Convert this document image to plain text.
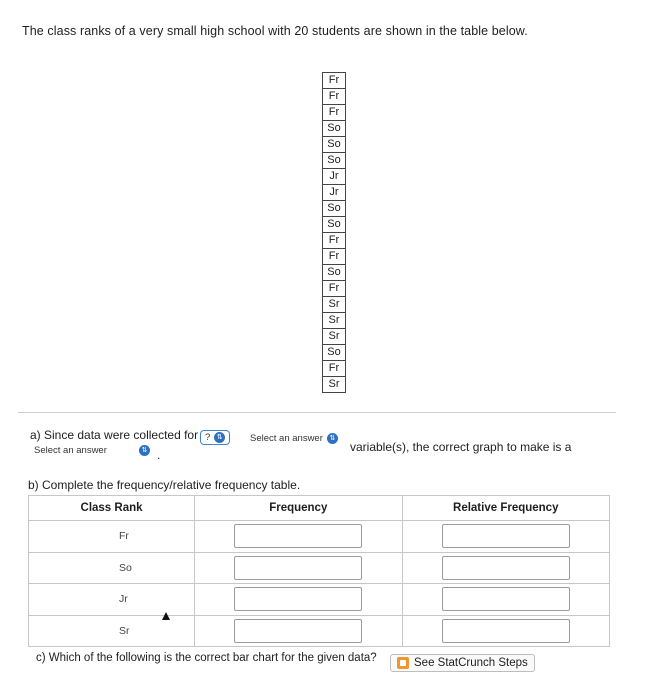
The class ranks of a very small high school with 20 students are shown in the table below.
Fr
Fr
Fr
So
So
So
Jr
Jr
So
So
Fr
Fr
So
Fr
Sr
Sr
Sr
So
Fr
Sr
a) Since data were collected for ? ⇅	Select an answer ⇅
variable(s), the correct graph to make is a
Select an answer	⇅ .
b) Complete the frequency/relative frequency table.
Class Rank	Frequency	Relative Frequency
Fr	

So	

Jr	

Sr	

c) Which of the following is the correct bar chart for the given data?	See StatCrunch Steps
